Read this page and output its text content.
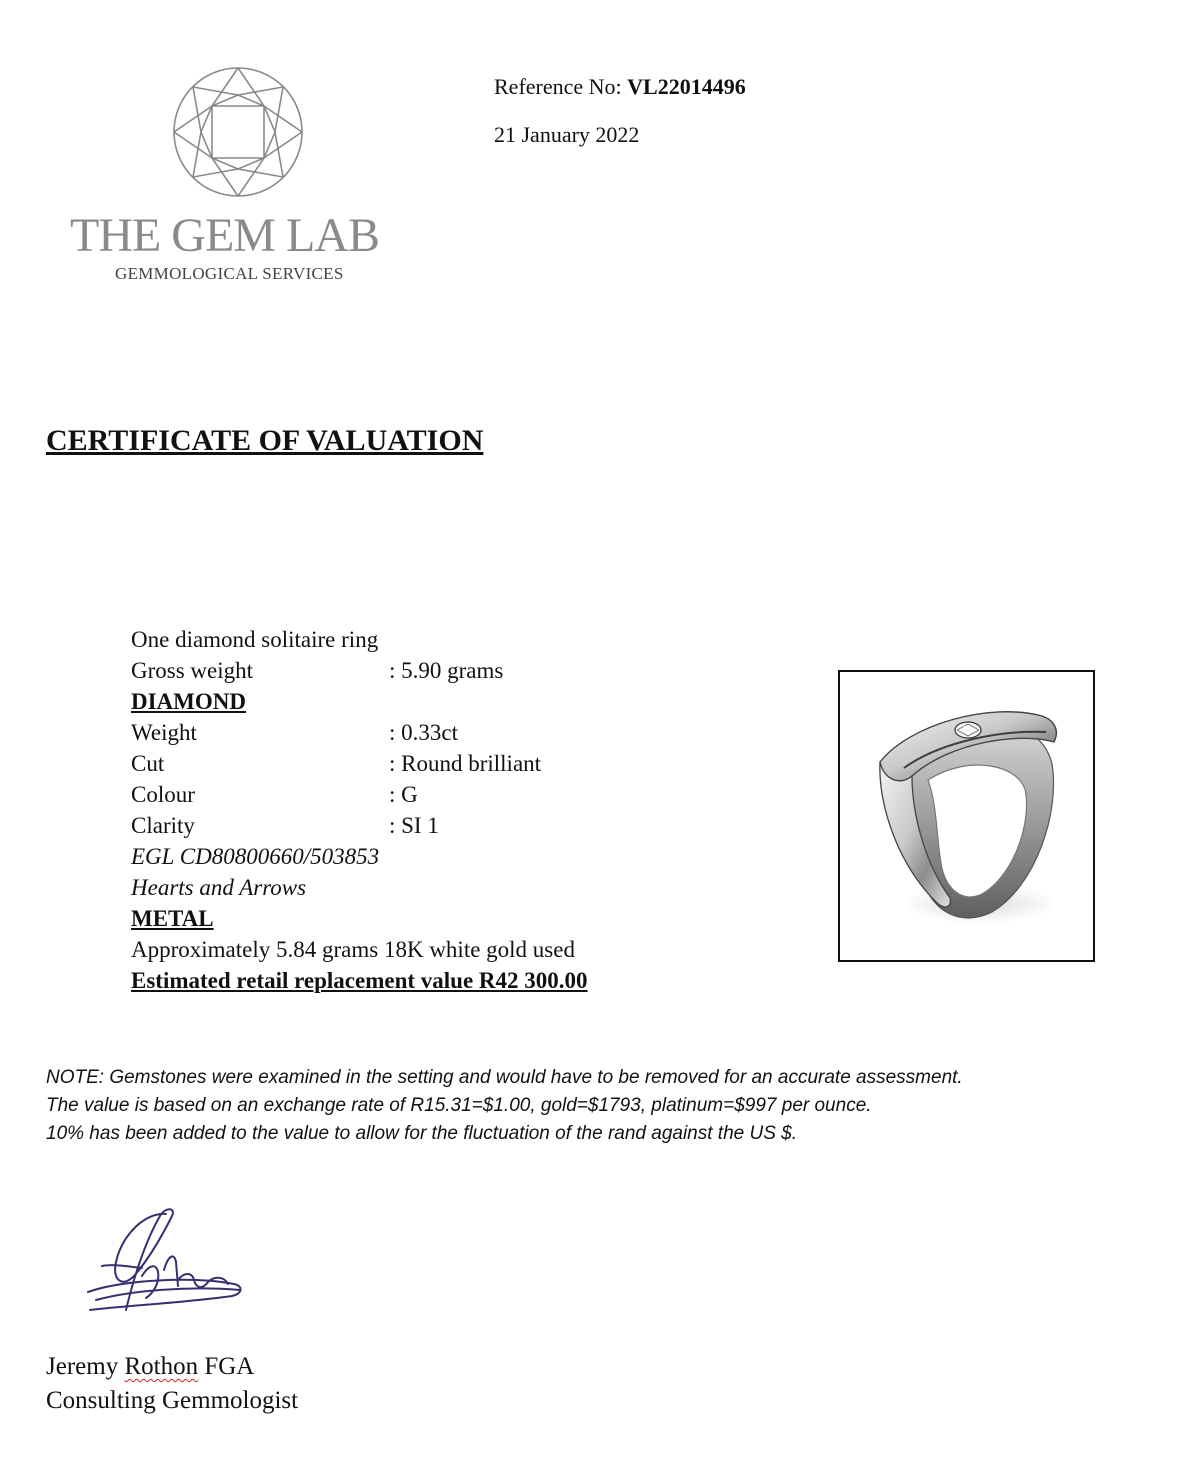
THE GEM LAB
GEMMOLOGICAL SERVICES
Reference No: VL22014496
21 January 2022
CERTIFICATE OF VALUATION
One diamond solitaire ring
Gross weight	: 5.90 grams
DIAMOND
Weight	: 0.33ct
Cut	: Round brilliant
Colour	: G
Clarity	: SI 1
EGL CD80800660/503853
Hearts and Arrows
METAL
Approximately 5.84 grams 18K white gold used
Estimated retail replacement value R42 300.00
NOTE: Gemstones were examined in the setting and would have to be removed for an accurate assessment.
The value is based on an exchange rate of R15.31=$1.00, gold=$1793, platinum=$997 per ounce.
10% has been added to the value to allow for the fluctuation of the rand against the US $.
Jeremy Rothon FGA
Consulting Gemmologist
